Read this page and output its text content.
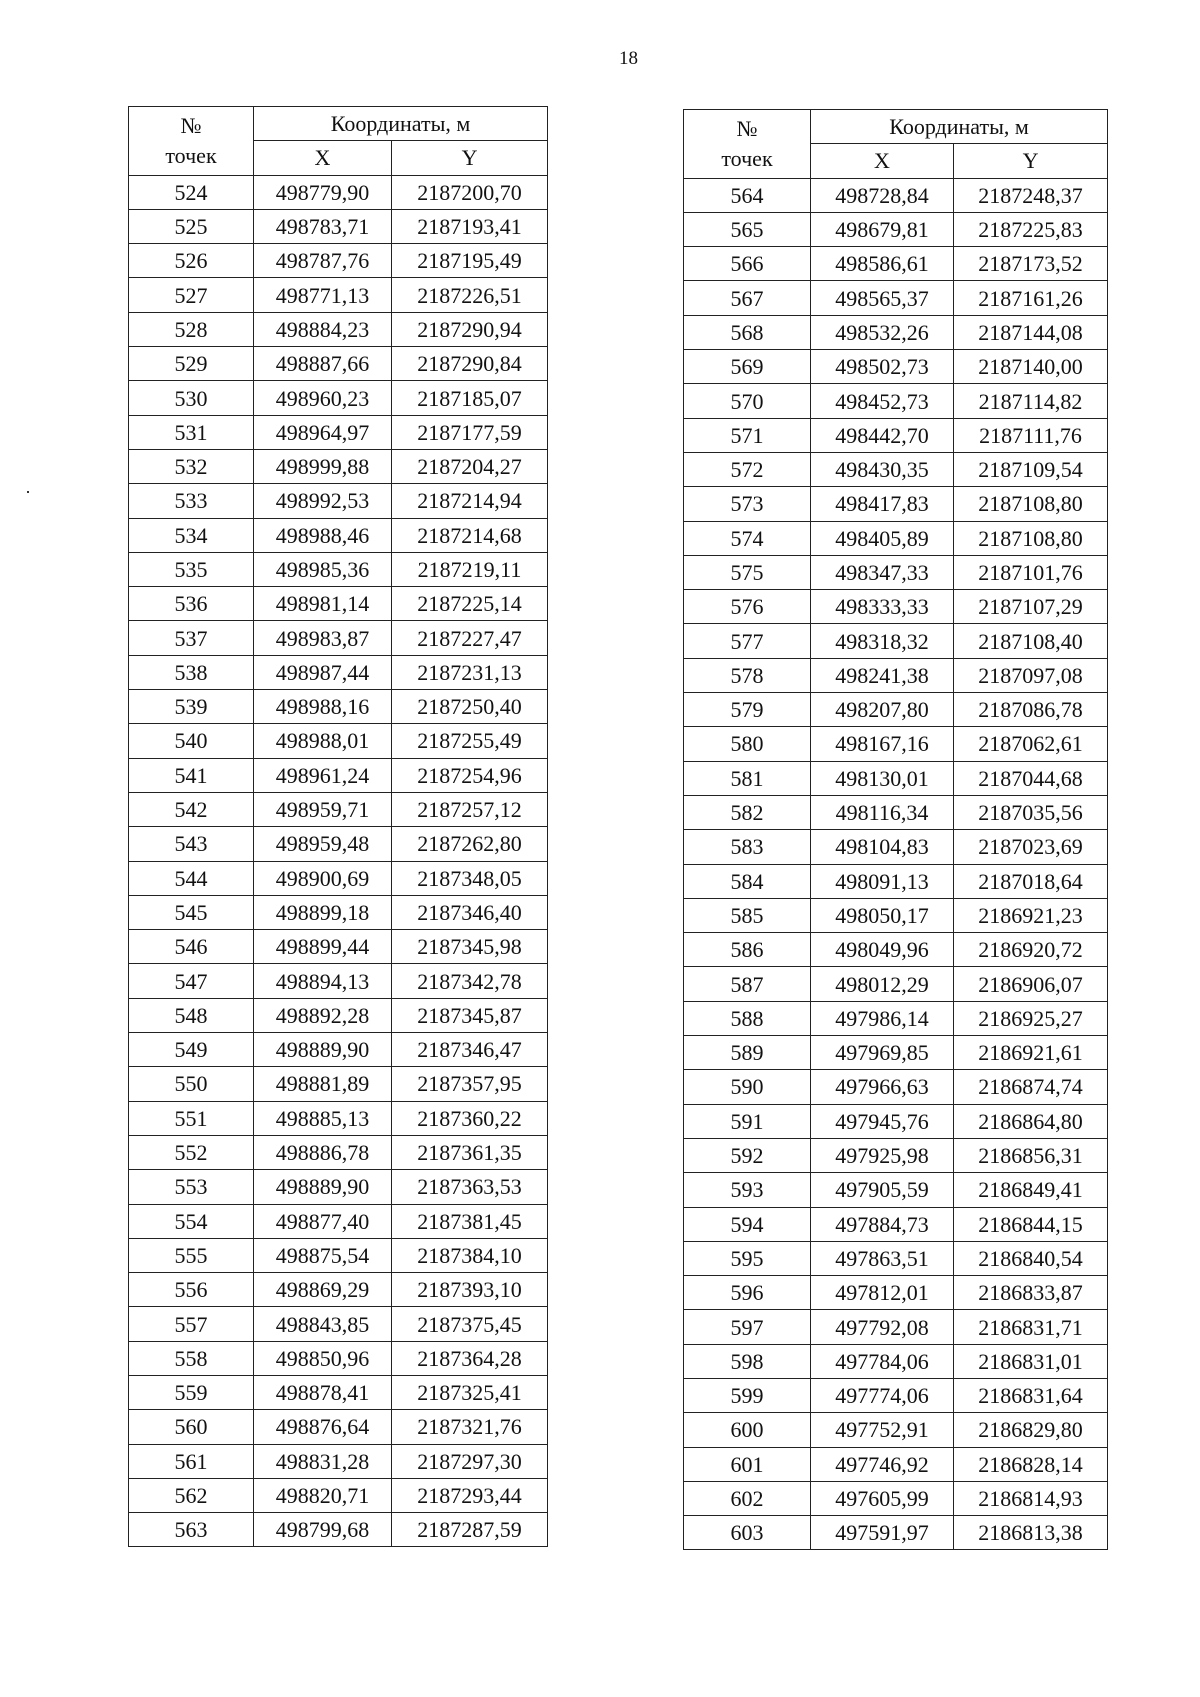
18
№
точек	Координаты, м	
	X	Y
524	498779,90	2187200,70
525	498783,71	2187193,41
526	498787,76	2187195,49
527	498771,13	2187226,51
528	498884,23	2187290,94
529	498887,66	2187290,84
530	498960,23	2187185,07
531	498964,97	2187177,59
532	498999,88	2187204,27
533	498992,53	2187214,94
534	498988,46	2187214,68
535	498985,36	2187219,11
536	498981,14	2187225,14
537	498983,87	2187227,47
538	498987,44	2187231,13
539	498988,16	2187250,40
540	498988,01	2187255,49
541	498961,24	2187254,96
542	498959,71	2187257,12
543	498959,48	2187262,80
544	498900,69	2187348,05
545	498899,18	2187346,40
546	498899,44	2187345,98
547	498894,13	2187342,78
548	498892,28	2187345,87
549	498889,90	2187346,47
550	498881,89	2187357,95
551	498885,13	2187360,22
552	498886,78	2187361,35
553	498889,90	2187363,53
554	498877,40	2187381,45
555	498875,54	2187384,10
556	498869,29	2187393,10
557	498843,85	2187375,45
558	498850,96	2187364,28
559	498878,41	2187325,41
560	498876,64	2187321,76
561	498831,28	2187297,30
562	498820,71	2187293,44
563	498799,68	2187287,59
№
точек	Координаты, м	
	X	Y
564	498728,84	2187248,37
565	498679,81	2187225,83
566	498586,61	2187173,52
567	498565,37	2187161,26
568	498532,26	2187144,08
569	498502,73	2187140,00
570	498452,73	2187114,82
571	498442,70	2187111,76
572	498430,35	2187109,54
573	498417,83	2187108,80
574	498405,89	2187108,80
575	498347,33	2187101,76
576	498333,33	2187107,29
577	498318,32	2187108,40
578	498241,38	2187097,08
579	498207,80	2187086,78
580	498167,16	2187062,61
581	498130,01	2187044,68
582	498116,34	2187035,56
583	498104,83	2187023,69
584	498091,13	2187018,64
585	498050,17	2186921,23
586	498049,96	2186920,72
587	498012,29	2186906,07
588	497986,14	2186925,27
589	497969,85	2186921,61
590	497966,63	2186874,74
591	497945,76	2186864,80
592	497925,98	2186856,31
593	497905,59	2186849,41
594	497884,73	2186844,15
595	497863,51	2186840,54
596	497812,01	2186833,87
597	497792,08	2186831,71
598	497784,06	2186831,01
599	497774,06	2186831,64
600	497752,91	2186829,80
601	497746,92	2186828,14
602	497605,99	2186814,93
603	497591,97	2186813,38
